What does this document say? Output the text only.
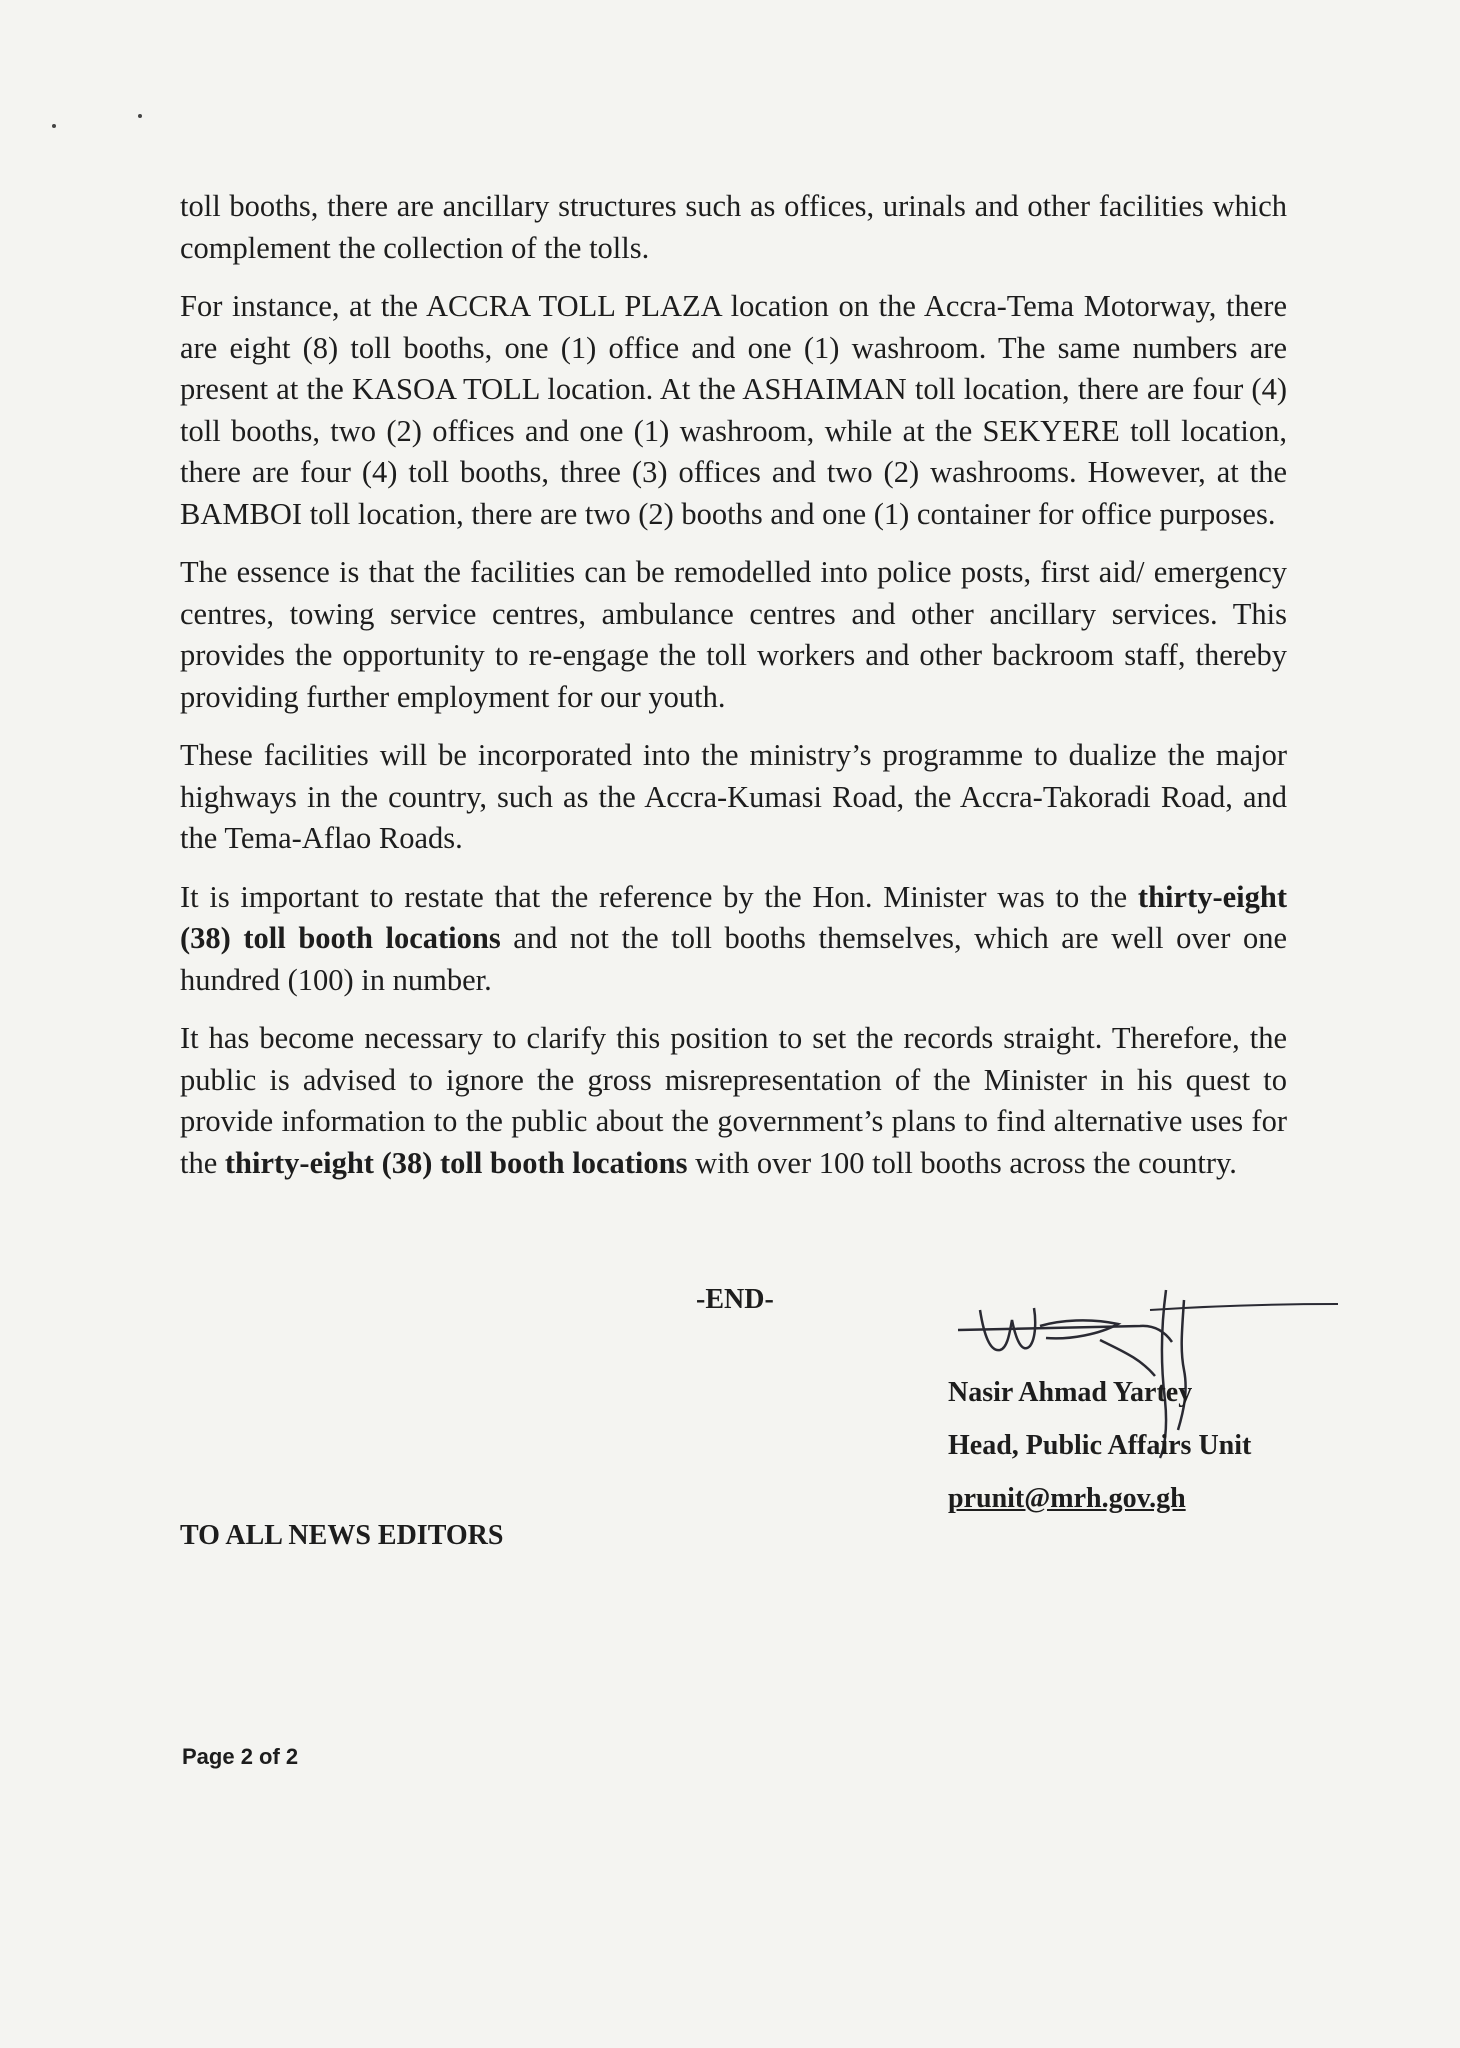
toll booths, there are ancillary structures such as offices, urinals and other facilities which complement the collection of the tolls.

For instance, at the ACCRA TOLL PLAZA location on the Accra-Tema Motorway, there are eight (8) toll booths, one (1) office and one (1) washroom. The same numbers are present at the KASOA TOLL location. At the ASHAIMAN toll location, there are four (4) toll booths, two (2) offices and one (1) washroom, while at the SEKYERE toll location, there are four (4) toll booths, three (3) offices and two (2) washrooms. However, at the BAMBOI toll location, there are two (2) booths and one (1) container for office purposes.

The essence is that the facilities can be remodelled into police posts, first aid/ emergency centres, towing service centres, ambulance centres and other ancillary services. This provides the opportunity to re-engage the toll workers and other backroom staff, thereby providing further employment for our youth.

These facilities will be incorporated into the ministry’s programme to dualize the major highways in the country, such as the Accra-Kumasi Road, the Accra-Takoradi Road, and the Tema-Aflao Roads.

It is important to restate that the reference by the Hon. Minister was to the thirty-eight (38) toll booth locations and not the toll booths themselves, which are well over one hundred (100) in number.

It has become necessary to clarify this position to set the records straight. Therefore, the public is advised to ignore the gross misrepresentation of the Minister in his quest to provide information to the public about the government’s plans to find alternative uses for the thirty-eight (38) toll booth locations with over 100 toll booths across the country.

-END-
Nasir Ahmad Yartey
Head, Public Affairs Unit
prunit@mrh.gov.gh
TO ALL NEWS EDITORS
Page 2 of 2
